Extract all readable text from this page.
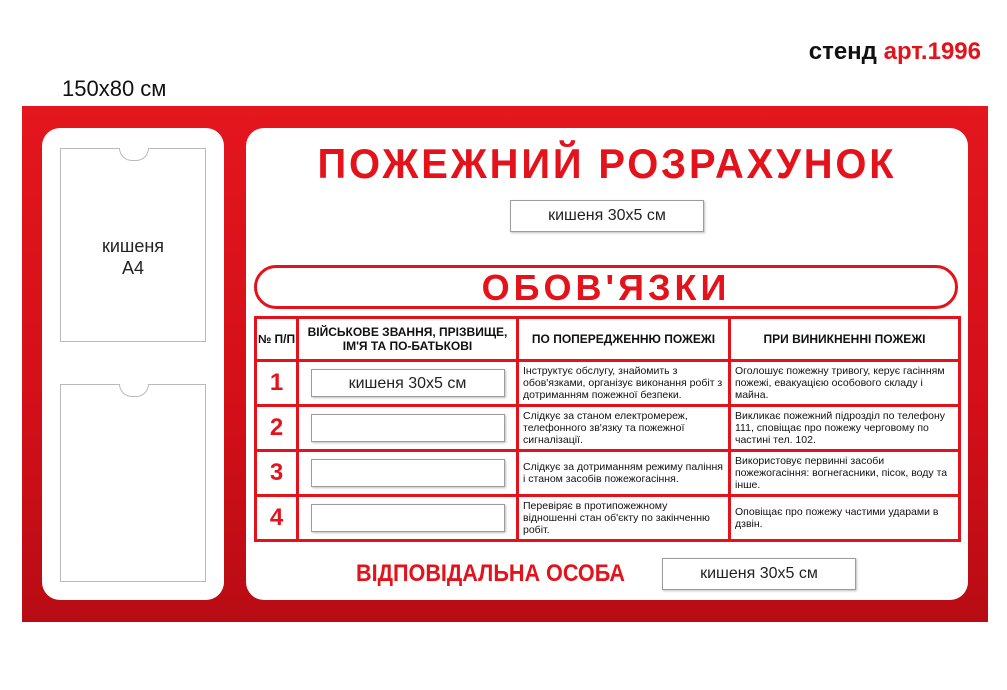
стенд арт.1996
150x80 см
кишеня
А4
ПОЖЕЖНИЙ РОЗРАХУНОК
кишеня 30x5 см
ОБОВ'ЯЗКИ
№ П/П	ВІЙСЬКОВЕ ЗВАННЯ, ПРІЗВИЩЕ, ІМ'Я ТА ПО-БАТЬКОВІ	ПО ПОПЕРЕДЖЕННЮ ПОЖЕЖІ	ПРИ ВИНИКНЕННІ ПОЖЕЖІ
1	кишеня 30x5 см	Інструктує обслугу, знайомить з обов'язками, організує виконання робіт з дотриманням пожежної безпеки.	Оголошує пожежну тривогу, керує гасінням пожежі, евакуацією особового складу і майна.
2		Слідкує за станом електромереж, телефонного зв'язку та пожежної сигналізації.	Викликає пожежний підрозділ по телефону 111, сповіщає про пожежу черговому по частині тел. 102.
3		Слідкує за дотриманням режиму паління і станом засобів пожежогасіння.	Використовує первинні засоби пожежогасіння: вогнегасники, пісок, воду та інше.
4		Перевіряє в протипожежному відношенні стан об'єкту по закінченню робіт.	Оповіщає про пожежу частими ударами в дзвін.
ВІДПОВІДАЛЬНА ОСОБА	кишеня 30x5 см
